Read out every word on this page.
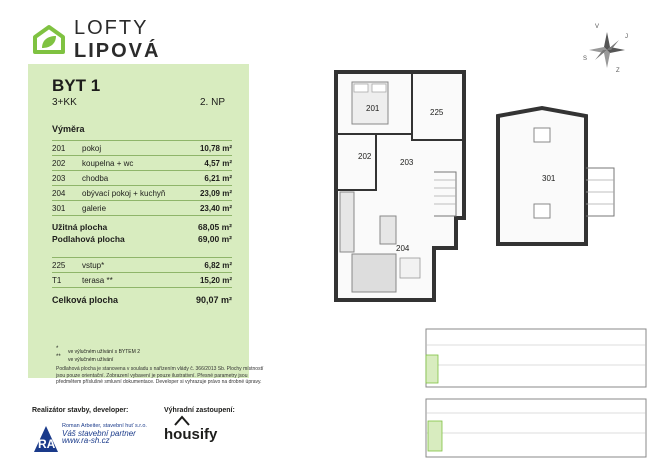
LOFTY LIPOVÁ
V
J
Z
S
BYT 1
3+KK	2. NP
Výměra
201	pokoj	10,78 m²
202	koupelna + wc	4,57 m²
203	chodba	6,21 m²
204	obývací pokoj + kuchyň	23,09 m²
301	galerie	23,40 m²
Užitná plocha	68,05 m²
Podlahová plocha	69,00 m²
225	vstup*	6,82 m²
T1	terasa **	15,20 m²
Celková plocha	90,07 m²
* ve výlučném užívání s BYTEM 2
** ve výlučném užívání
Podlahová plocha je stanovena v souladu s nařízením vlády č. 366/2013 Sb. Plochy místností jsou pouze orientační. Zobrazení vybavení je pouze ilustrativní. Přesné parametry jsou předmětem příslušné smluvní dokumentace. Developer si vyhrazuje právo na drobné úpravy.
Realizátor stavby, developer:
RA
Roman Arbeiter, stavební huť s.r.o.
Váš stavební partner
www.ra-sh.cz
Výhradní zastoupení:
housify
201	225
202
203
204
301
